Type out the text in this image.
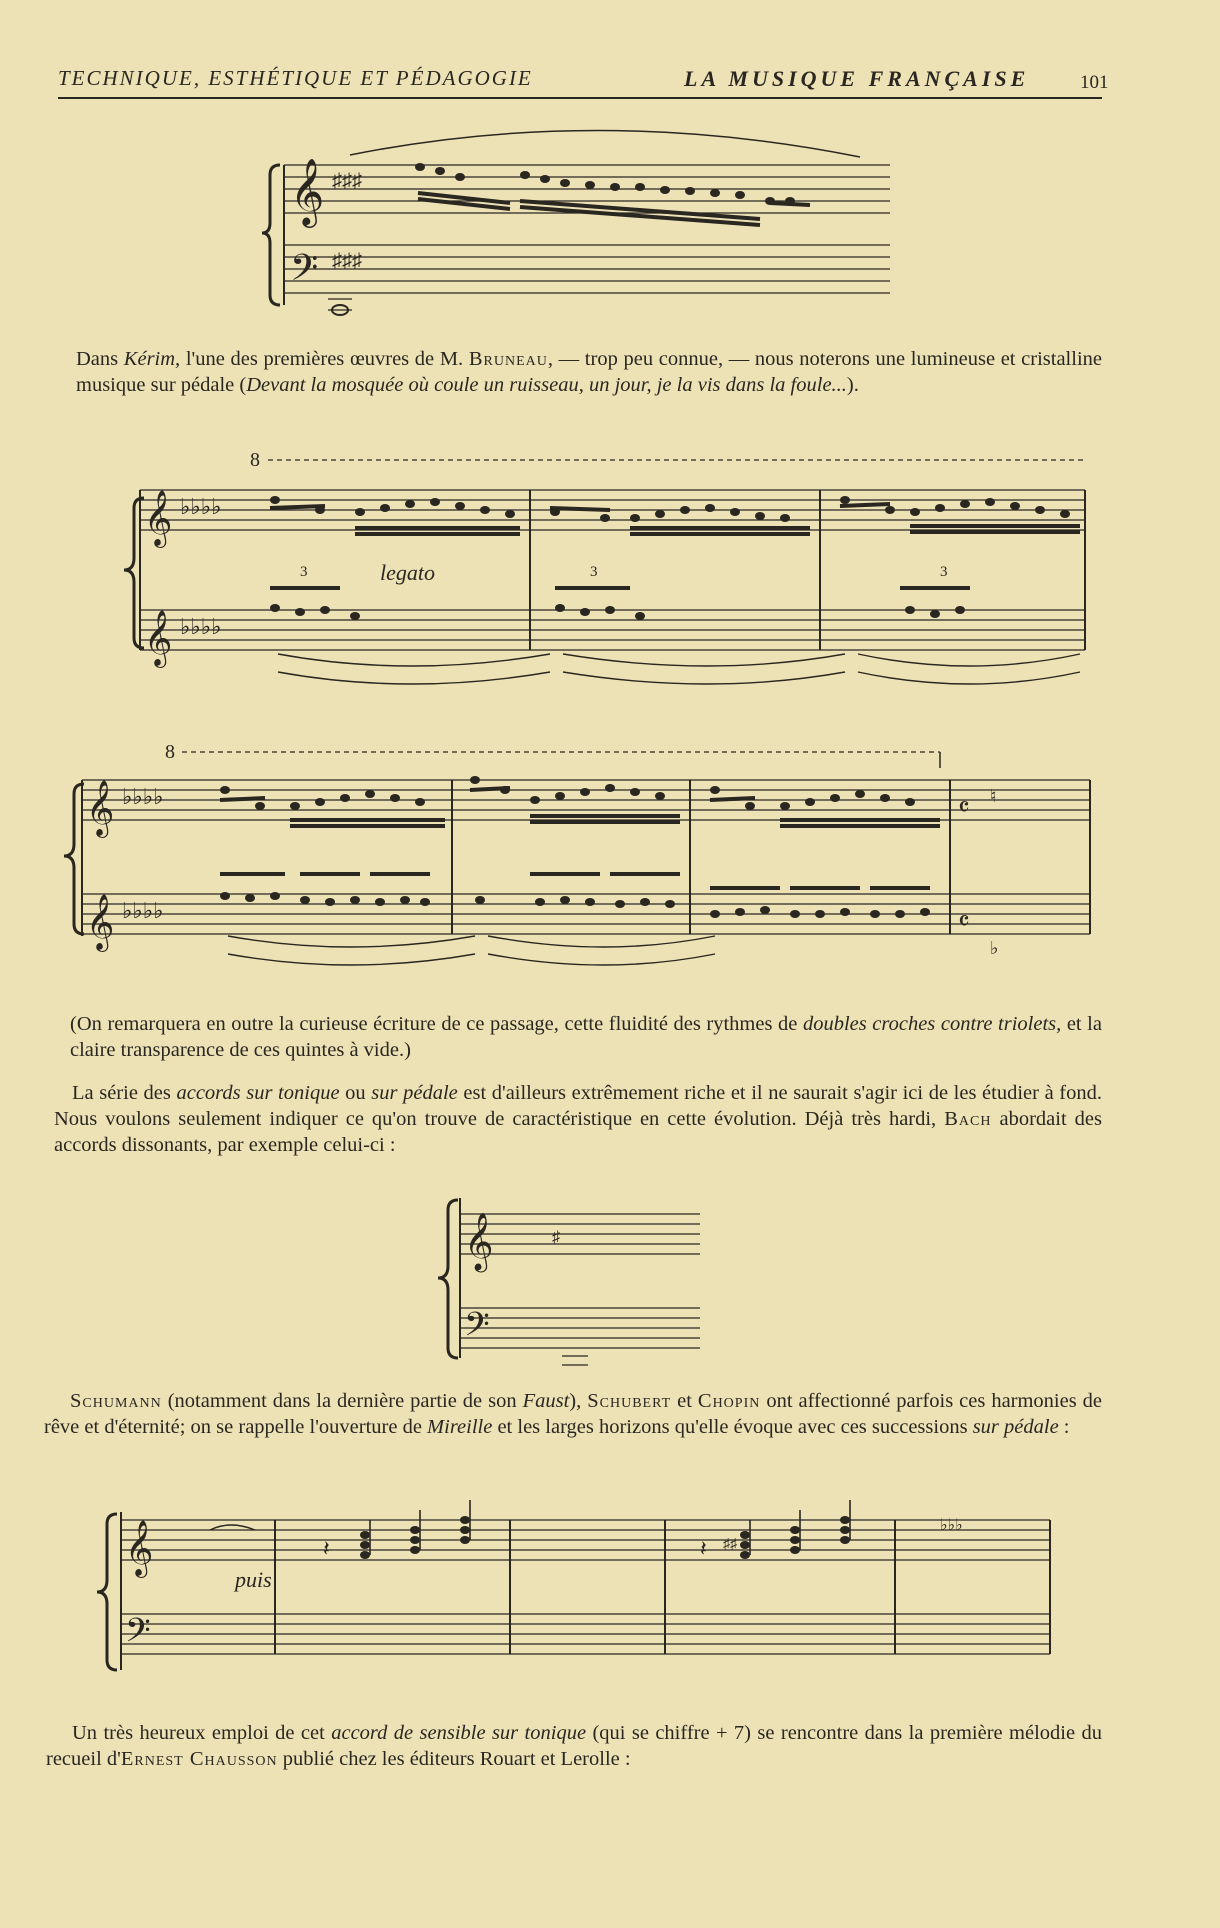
TECHNIQUE, ESTHÉTIQUE ET PÉDAGOGIE	LA MUSIQUE FRANÇAISE	101
𝄞
𝄢
♯♯♯
♯♯♯
Dans Kérim, l'une des premières œuvres de M. Bruneau, — trop peu connue, — nous noterons une lumineuse et cristalline musique sur pédale (Devant la mosquée où coule un ruisseau, un jour, je la vis dans la foule...).
8
𝄞
𝄞
♭♭♭♭
♭♭♭♭
legato
3	3	3
8
𝄞
𝄞
♭♭♭♭
♭♭♭♭
𝄴
𝄴
♮
♭
(On remarquera en outre la curieuse écriture de ce passage, cette fluidité des rythmes de doubles croches contre triolets, et la claire transparence de ces quintes à vide.)
La série des accords sur tonique ou sur pédale est d'ailleurs extrêmement riche et il ne saurait s'agir ici de les étudier à fond. Nous voulons seulement indiquer ce qu'on trouve de caractéristique en cette évolution. Déjà très hardi, Bach abordait des accords dissonants, par exemple celui-ci :
𝄞
𝄢
♯
Schumann (notamment dans la dernière partie de son Faust), Schubert et Chopin ont affectionné parfois ces harmonies de rêve et d'éternité; on se rappelle l'ouverture de Mireille et les larges horizons qu'elle évoque avec ces successions sur pédale :
𝄞
𝄢
puis
𝄽	𝄽 ♯♯
♭♭♭
Un très heureux emploi de cet accord de sensible sur tonique (qui se chiffre + 7) se rencontre dans la première mélodie du recueil d'Ernest Chausson publié chez les éditeurs Rouart et Lerolle :
